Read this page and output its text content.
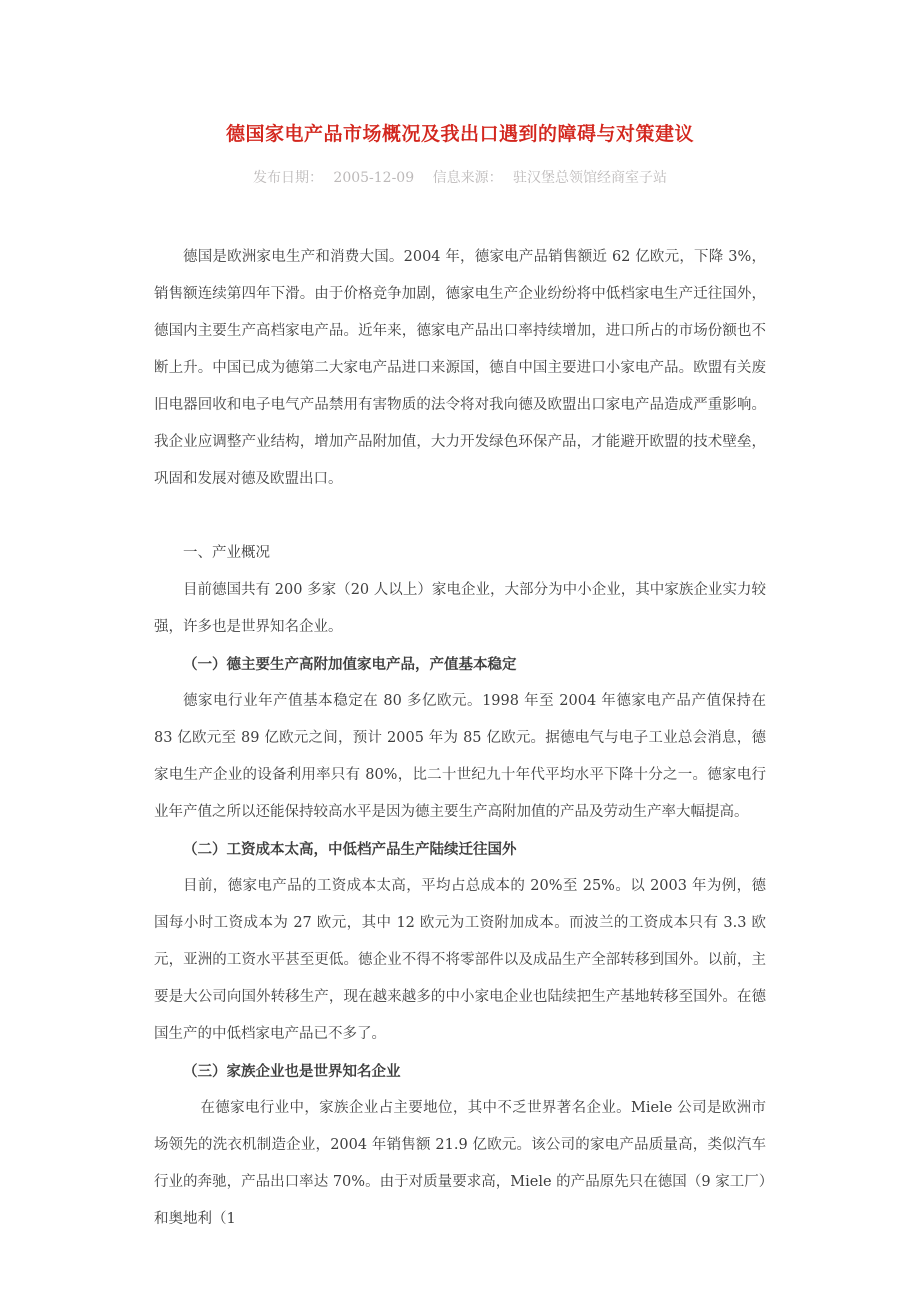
德国家电产品市场概况及我出口遇到的障碍与对策建议
发布日期： 2005-12-09 信息来源： 驻汉堡总领馆经商室子站
德国是欧洲家电生产和消费大国。2004 年，德家电产品销售额近 62 亿欧元，下降 3%，销售额连续第四年下滑。由于价格竞争加剧，德家电生产企业纷纷将中低档家电生产迁往国外，德国内主要生产高档家电产品。近年来，德家电产品出口率持续增加，进口所占的市场份额也不断上升。中国已成为德第二大家电产品进口来源国，德自中国主要进口小家电产品。欧盟有关废旧电器回收和电子电气产品禁用有害物质的法令将对我向德及欧盟出口家电产品造成严重影响。我企业应调整产业结构，增加产品附加值，大力开发绿色环保产品，才能避开欧盟的技术壁垒，巩固和发展对德及欧盟出口。
一、产业概况
目前德国共有 200 多家（20 人以上）家电企业，大部分为中小企业，其中家族企业实力较强，许多也是世界知名企业。
（一）德主要生产高附加值家电产品，产值基本稳定
德家电行业年产值基本稳定在 80 多亿欧元。1998 年至 2004 年德家电产品产值保持在 83 亿欧元至 89 亿欧元之间，预计 2005 年为 85 亿欧元。据德电气与电子工业总会消息，德家电生产企业的设备利用率只有 80%，比二十世纪九十年代平均水平下降十分之一。德家电行业年产值之所以还能保持较高水平是因为德主要生产高附加值的产品及劳动生产率大幅提高。
（二）工资成本太高，中低档产品生产陆续迁往国外
目前，德家电产品的工资成本太高，平均占总成本的 20%至 25%。以 2003 年为例，德国每小时工资成本为 27 欧元，其中 12 欧元为工资附加成本。而波兰的工资成本只有 3.3 欧元，亚洲的工资水平甚至更低。德企业不得不将零部件以及成品生产全部转移到国外。以前，主要是大公司向国外转移生产，现在越来越多的中小家电企业也陆续把生产基地转移至国外。在德国生产的中低档家电产品已不多了。
（三）家族企业也是世界知名企业
在德家电行业中，家族企业占主要地位，其中不乏世界著名企业。Miele 公司是欧洲市场领先的洗衣机制造企业，2004 年销售额 21.9 亿欧元。该公司的家电产品质量高，类似汽车行业的奔驰，产品出口率达 70%。由于对质量要求高，Miele 的产品原先只在德国（9 家工厂）和奥地利（1
